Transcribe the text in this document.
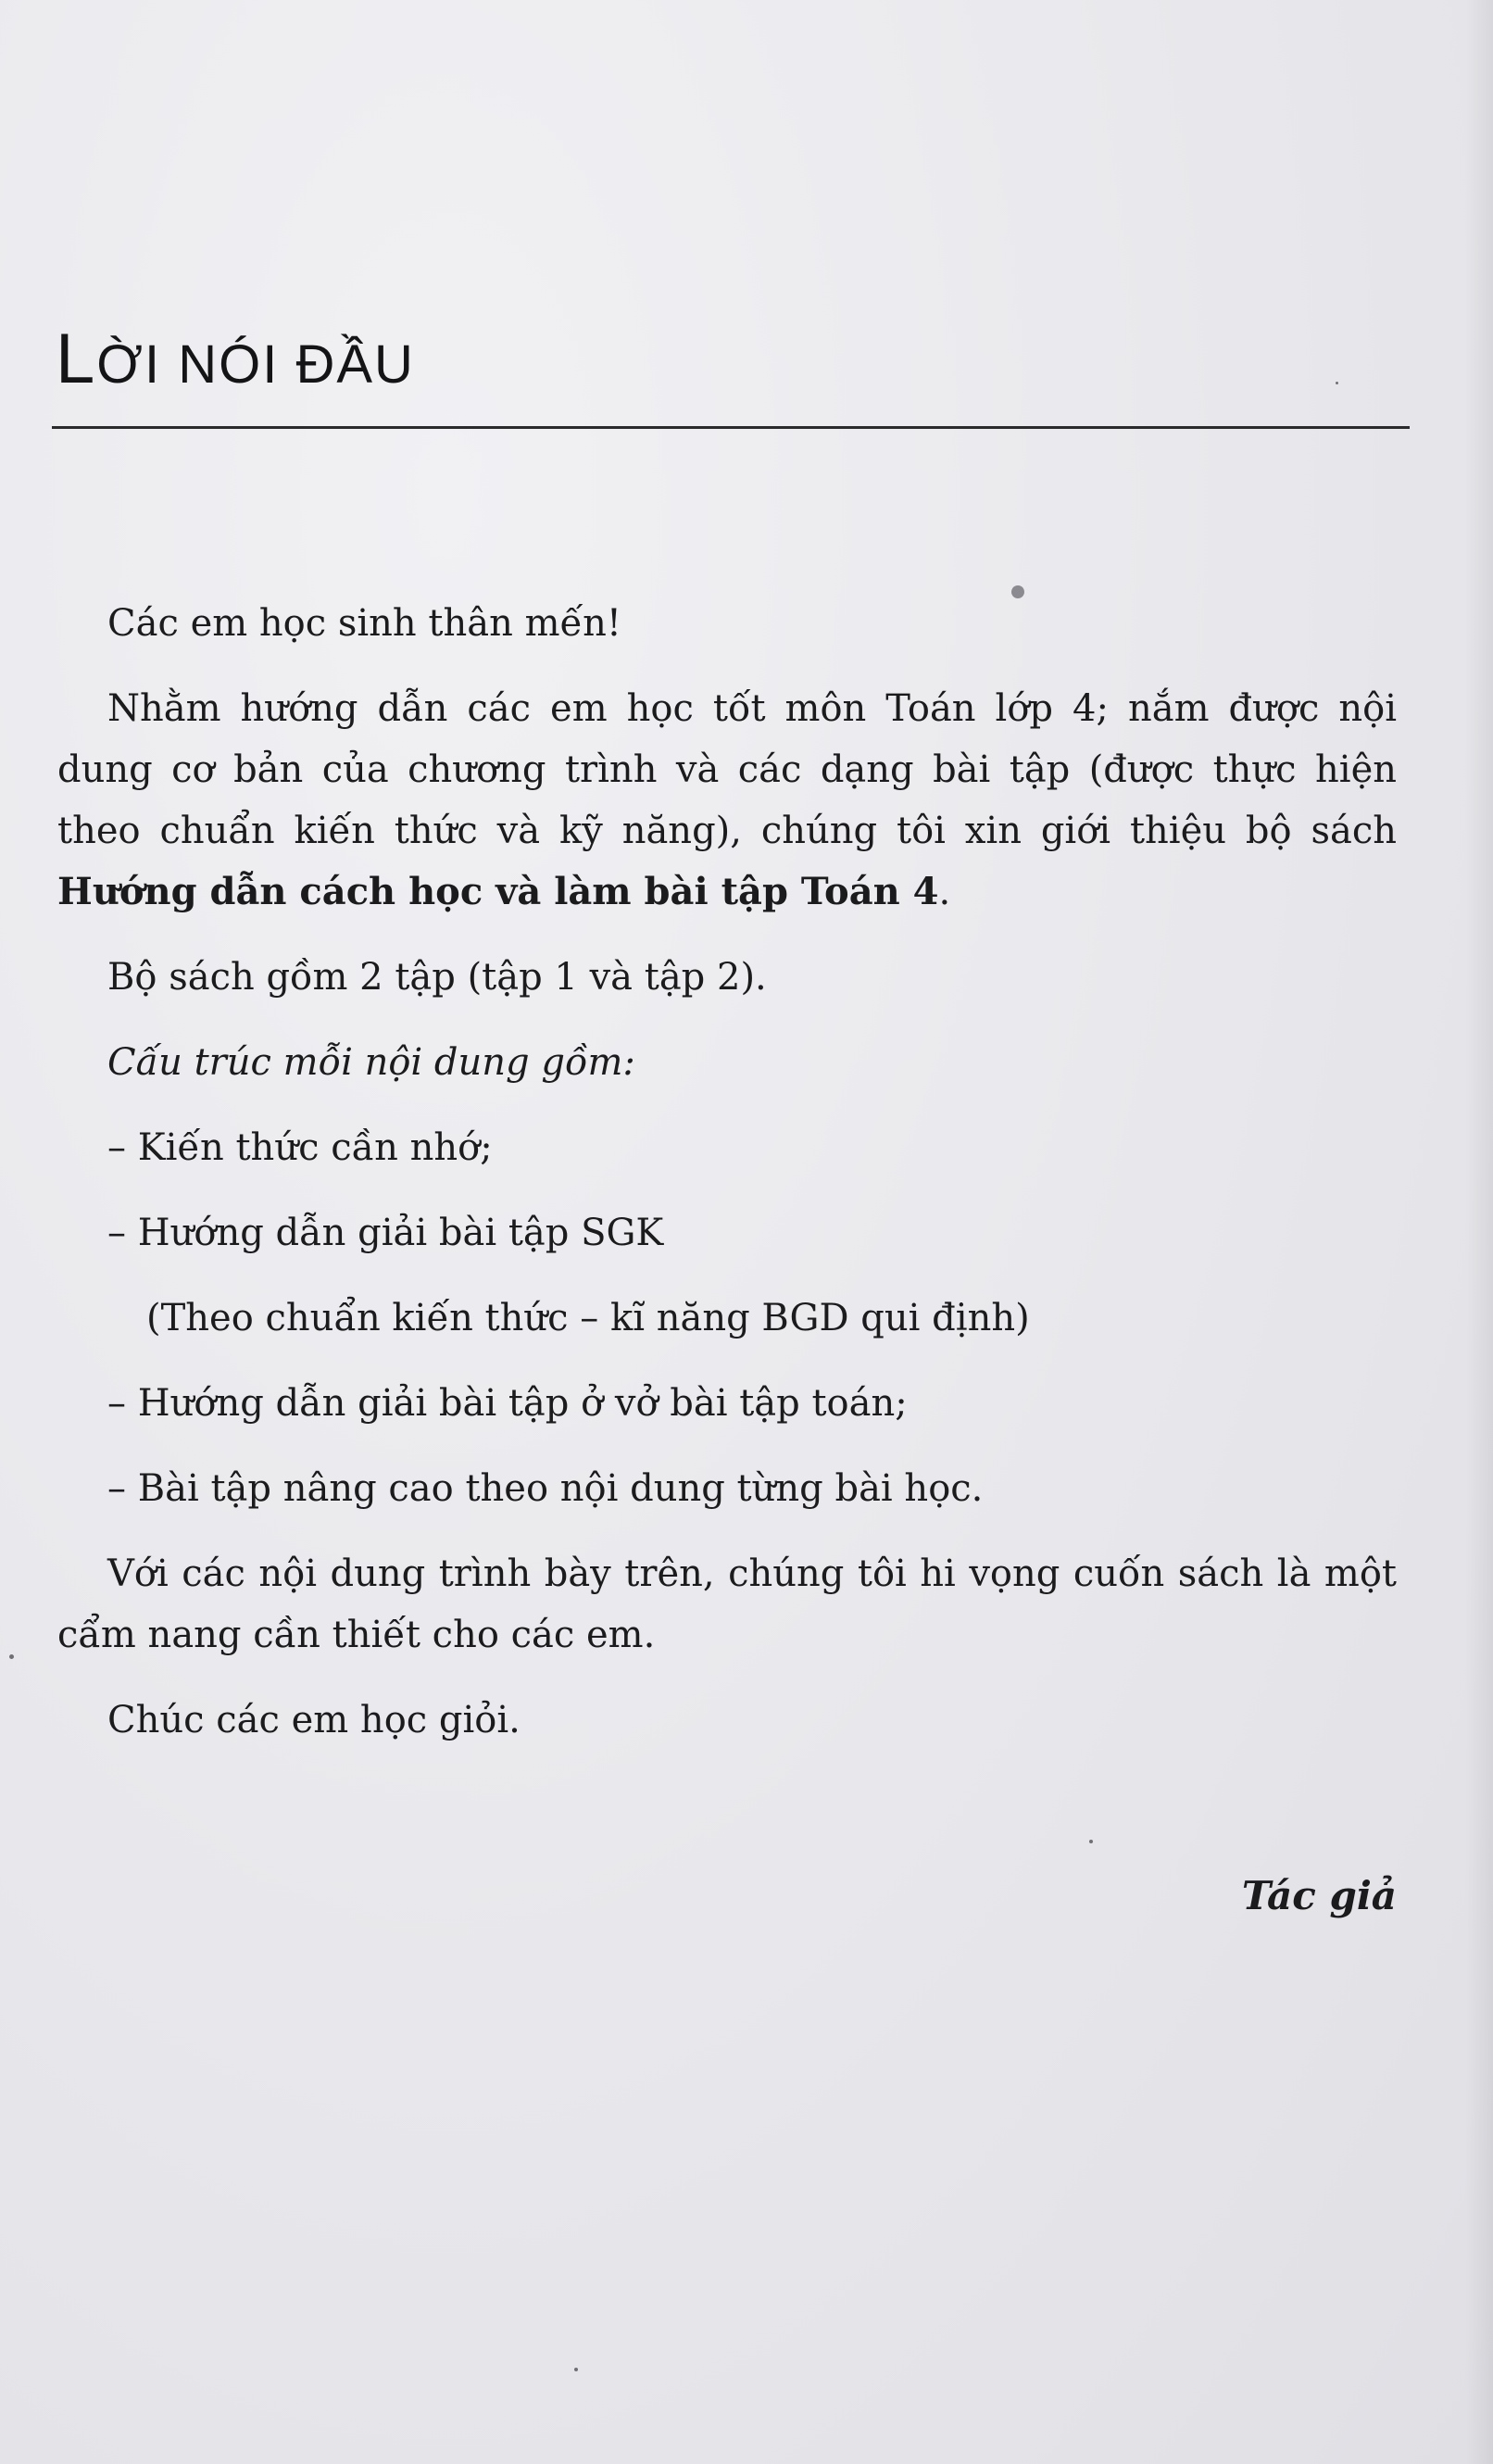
LỜI NÓI ĐẦU

Các em học sinh thân mến!

Nhằm hướng dẫn các em học tốt môn Toán lớp 4; nắm được nội dung cơ bản của chương trình và các dạng bài tập (được thực hiện theo chuẩn kiến thức và kỹ năng), chúng tôi xin giới thiệu bộ sách Hướng dẫn cách học và làm bài tập Toán 4.

Bộ sách gồm 2 tập (tập 1 và tập 2).

Cấu trúc mỗi nội dung gồm:

– Kiến thức cần nhớ;

– Hướng dẫn giải bài tập SGK

(Theo chuẩn kiến thức – kĩ năng BGD qui định)

– Hướng dẫn giải bài tập ở vở bài tập toán;

– Bài tập nâng cao theo nội dung từng bài học.

Với các nội dung trình bày trên, chúng tôi hi vọng cuốn sách là một cẩm nang cần thiết cho các em.

Chúc các em học giỏi.

Tác giả
